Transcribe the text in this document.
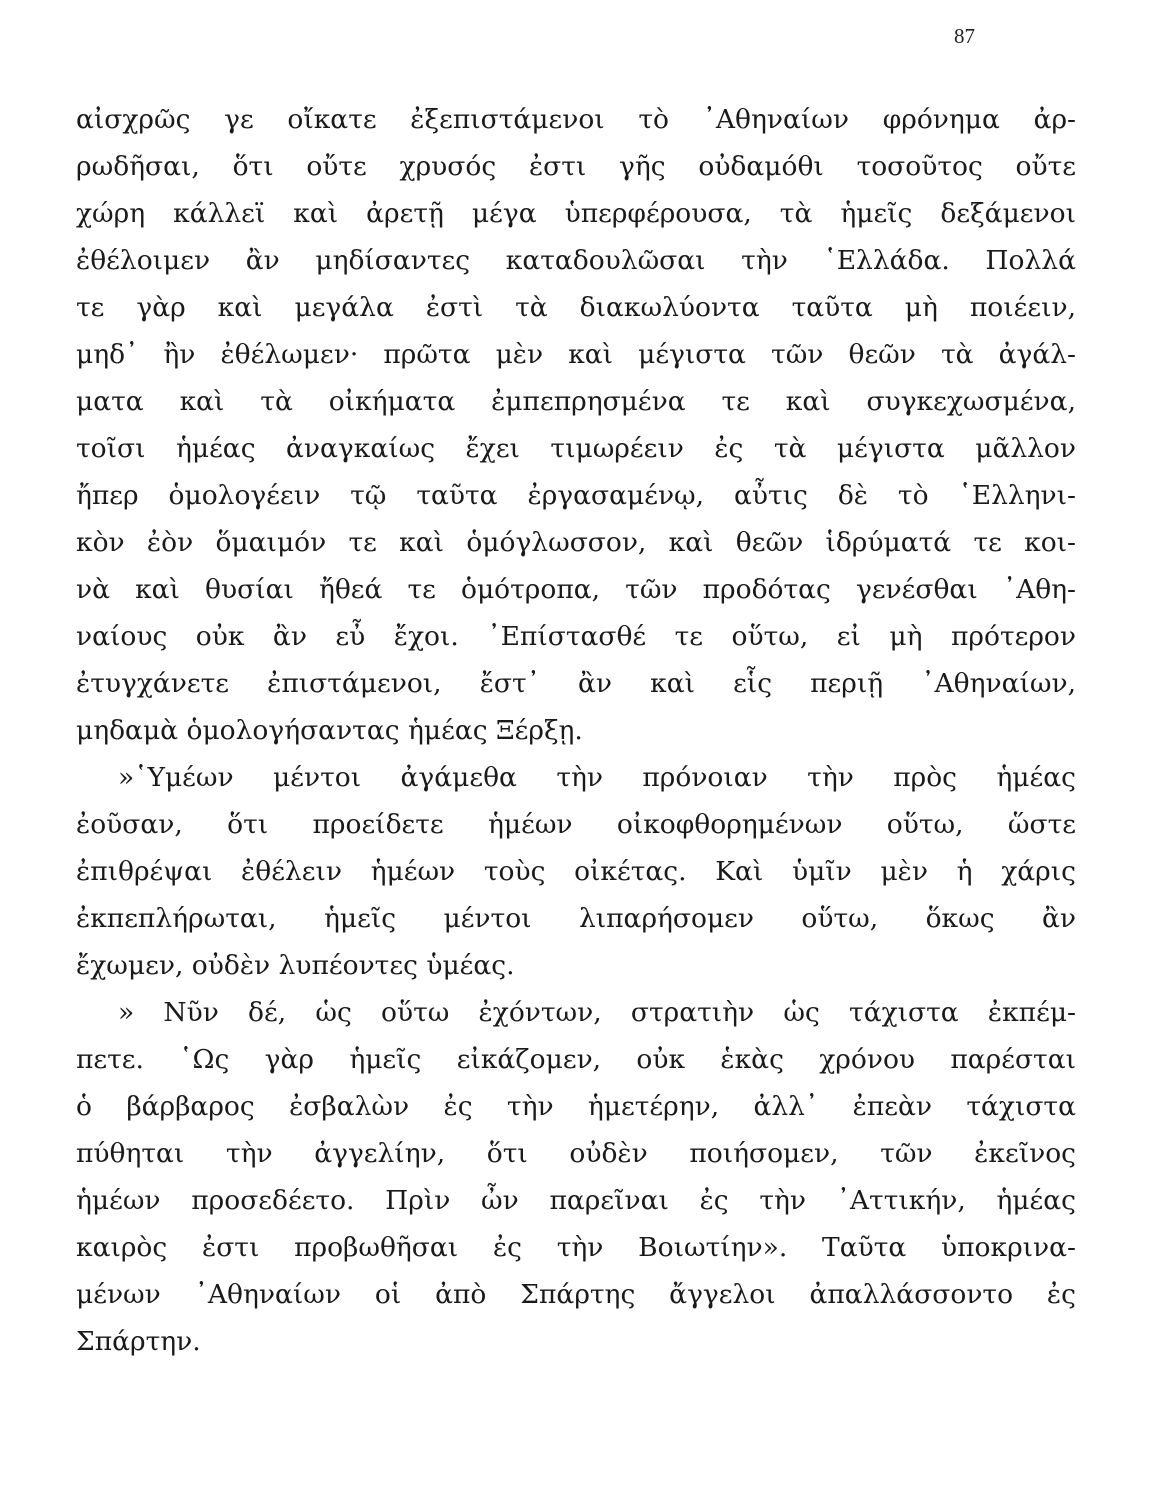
87
αἰσχρῶς γε οἴκατε ἐξεπιστάμενοι τὸ ᾿Αθηναίων φρόνημα ἀρ-
ρωδῆσαι, ὅτι οὔτε χρυσός ἐστι γῆς οὐδαμόθι τοσοῦτος οὔτε
χώρη κάλλεϊ καὶ ἀρετῇ μέγα ὑπερφέρουσα, τὰ ἡμεῖς δεξάμενοι
ἐθέλοιμεν ἂν μηδίσαντες καταδουλῶσαι τὴν ῾Ελλάδα. Πολλά
τε γὰρ καὶ μεγάλα ἐστὶ τὰ διακωλύοντα ταῦτα μὴ ποιέειν,
μηδ᾽ ἢν ἐθέλωμεν· πρῶτα μὲν καὶ μέγιστα τῶν θεῶν τὰ ἀγάλ-
ματα καὶ τὰ οἰκήματα ἐμπεπρησμένα τε καὶ συγκεχωσμένα,
τοῖσι ἡμέας ἀναγκαίως ἔχει τιμωρέειν ἐς τὰ μέγιστα μᾶλλον
ἤπερ ὁμολογέειν τῷ ταῦτα ἐργασαμένῳ, αὖτις δὲ τὸ ῾Ελληνι-
κὸν ἐὸν ὅμαιμόν τε καὶ ὁμόγλωσσον, καὶ θεῶν ἱδρύματά τε κοι-
νὰ καὶ θυσίαι ἤθεά τε ὁμότροπα, τῶν προδότας γενέσθαι ᾿Αθη-
ναίους οὐκ ἂν εὖ ἔχοι. ᾿Επίστασθέ τε οὕτω, εἰ μὴ πρότερον
ἐτυγχάνετε ἐπιστάμενοι, ἔστ᾽ ἂν καὶ εἷς περιῇ ᾿Αθηναίων,
μηδαμὰ ὁμολογήσαντας ἡμέας Ξέρξῃ.
»῾Υμέων μέντοι ἀγάμεθα τὴν πρόνοιαν τὴν πρὸς ἡμέας
ἐοῦσαν, ὅτι προείδετε ἡμέων οἰκοφθορημένων οὕτω, ὥστε
ἐπιθρέψαι ἐθέλειν ἡμέων τοὺς οἰκέτας. Καὶ ὑμῖν μὲν ἡ χάρις
ἐκπεπλήρωται, ἡμεῖς μέντοι λιπαρήσομεν οὕτω, ὅκως ἂν
ἔχωμεν, οὐδὲν λυπέοντες ὑμέας.
» Νῦν δέ, ὡς οὕτω ἐχόντων, στρατιὴν ὡς τάχιστα ἐκπέμ-
πετε. ῾Ως γὰρ ἡμεῖς εἰκάζομεν, οὐκ ἑκὰς χρόνου παρέσται
ὁ βάρβαρος ἐσβαλὼν ἐς τὴν ἡμετέρην, ἀλλ᾽ ἐπεὰν τάχιστα
πύθηται τὴν ἀγγελίην, ὅτι οὐδὲν ποιήσομεν, τῶν ἐκεῖνος
ἡμέων προσεδέετο. Πρὶν ὦν παρεῖναι ἐς τὴν ᾿Αττικήν, ἡμέας
καιρὸς ἐστι προβωθῆσαι ἐς τὴν Βοιωτίην». Ταῦτα ὑποκρινα-
μένων ᾿Αθηναίων οἱ ἀπὸ Σπάρτης ἄγγελοι ἀπαλλάσσοντο ἐς
Σπάρτην.
